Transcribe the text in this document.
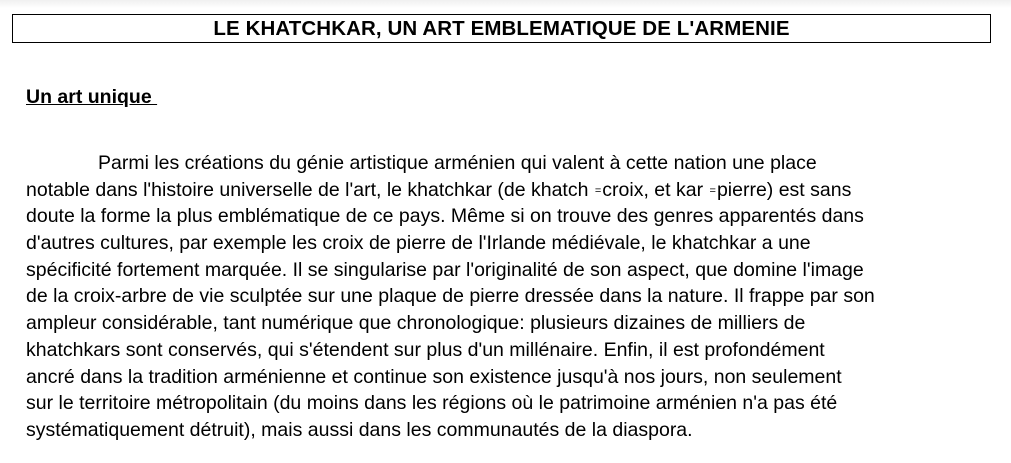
LE KHATCHKAR, UN ART EMBLEMATIQUE DE L'ARMENIE
Un art unique
Parmi les créations du génie artistique arménien qui valent à cette nation une place
notable dans l'histoire universelle de l'art, le khatchkar (de khatch =croix, et kar =pierre) est sans
doute la forme la plus emblématique de ce pays. Même si on trouve des genres apparentés dans
d'autres cultures, par exemple les croix de pierre de l'Irlande médiévale, le khatchkar a une
spécificité fortement marquée. Il se singularise par l'originalité de son aspect, que domine l'image
de la croix-arbre de vie sculptée sur une plaque de pierre dressée dans la nature. Il frappe par son
ampleur considérable, tant numérique que chronologique: plusieurs dizaines de milliers de
khatchkars sont conservés, qui s'étendent sur plus d'un millénaire. Enfin, il est profondément
ancré dans la tradition arménienne et continue son existence jusqu'à nos jours, non seulement
sur le territoire métropolitain (du moins dans les régions où le patrimoine arménien n'a pas été
systématiquement détruit), mais aussi dans les communautés de la diaspora.
